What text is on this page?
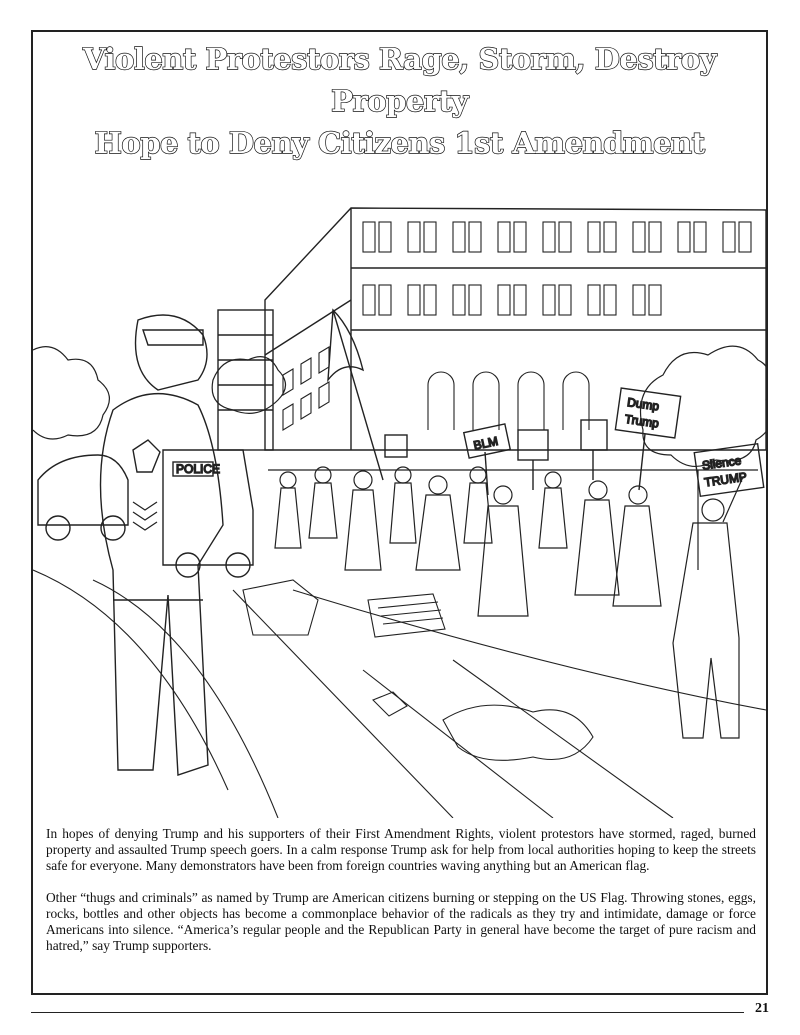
Violent Protestors Rage, Storm, Destroy Property
Hope to Deny Citizens 1st Amendment
POLICE
BLM
Dump
Trump
Silence
TRUMP

In hopes of denying Trump and his supporters of their First Amendment Rights, violent protestors have stormed, raged, burned property and assaulted Trump speech goers. In a calm response Trump ask for help from local authorities hoping to keep the streets safe for everyone. Many demonstrators have been from foreign countries waving anything but an American flag.

Other “thugs and criminals” as named by Trump are American citizens burning or stepping on the US Flag. Throwing stones, eggs, rocks, bottles and other objects has become a commonplace behavior of the radicals as they try and intimidate, damage or force Americans into silence. “America’s regular people and the Republican Party in general have become the target of pure racism and hatred,” say Trump supporters.

21
